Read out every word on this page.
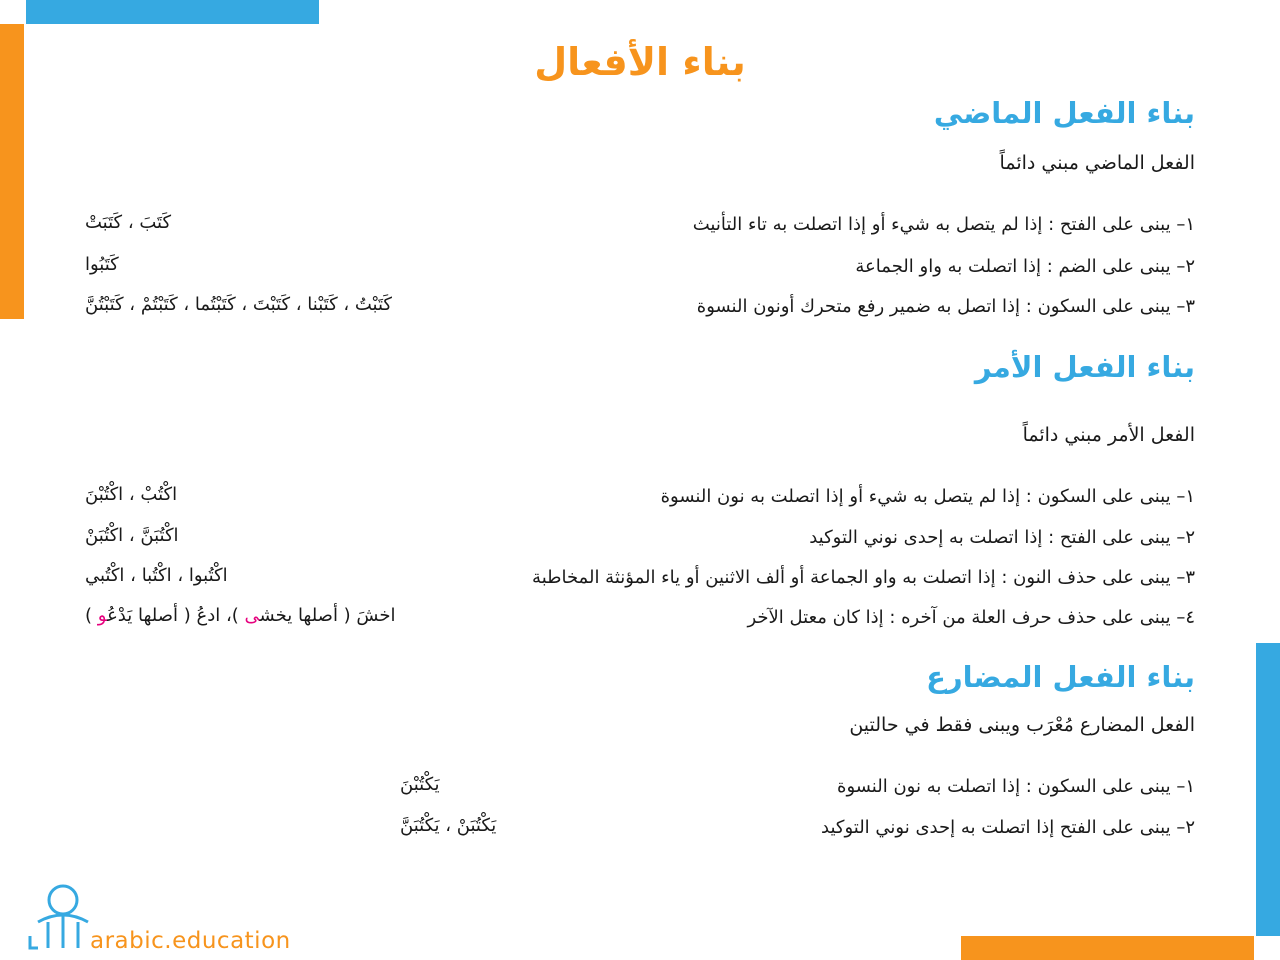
بناء الأفعال
بناء الفعل الماضي
الفعل الماضي مبني دائماً
١– يبنى على الفتح : إذا لم يتصل به شيء أو إذا اتصلت به تاء التأنيث
كَتَبَ ، كَتَبَتْ
٢– يبنى على الضم : إذا اتصلت به واو الجماعة
كَتَبُوا
٣– يبنى على السكون : إذا اتصل به ضمير رفع متحرك أونون النسوة
كَتَبْتُ ، كَتَبْنا ، كَتَبْتَ ، كَتَبْتُما ، كَتَبْتُمْ ، كَتَبْتُنَّ
بناء الفعل الأمر
الفعل الأمر مبني دائماً
١– يبنى على السكون : إذا لم يتصل به شيء أو إذا اتصلت به نون النسوة
اكْتُبْ ، اكْتُبْنَ
٢– يبنى على الفتح : إذا اتصلت به إحدى نوني التوكيد
اكْتُبَنَّ ، اكْتُبَنْ
٣– يبنى على حذف النون : إذا اتصلت به واو الجماعة أو ألف الاثنين أو ياء المؤنثة المخاطبة
اكْتُبوا ، اكْتُبا ، اكْتُبي
٤– يبنى على حذف حرف العلة من آخره : إذا كان معتل الآخر
اخشَ ( أصلها يخشى )، ادعُ ( أصلها يَدْعُو )
بناء الفعل المضارع
الفعل المضارع مُعْرَب ويبنى فقط في حالتين
١– يبنى على السكون : إذا اتصلت به نون النسوة
يَكْتُبْنَ
٢– يبنى على الفتح إذا اتصلت به إحدى نوني التوكيد
يَكْتُبَنْ ، يَكْتُبَنَّ
arabic.education
